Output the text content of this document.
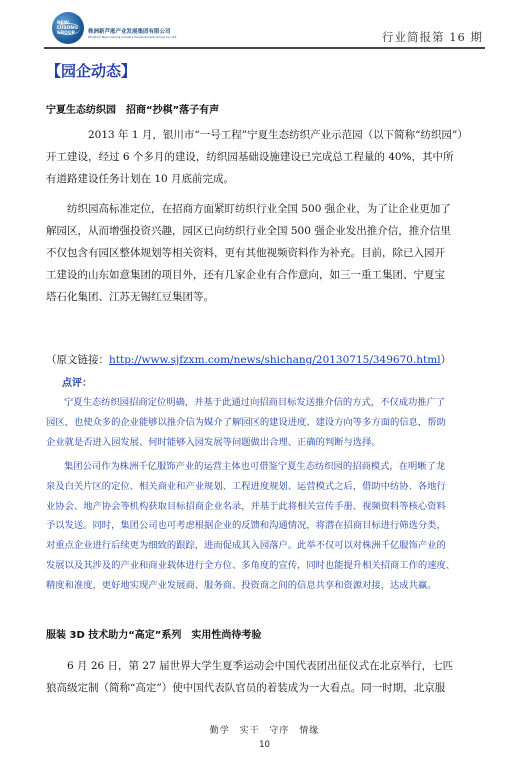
NEW
LUSONG
GROUP	株洲新芦淞产业发展集团有限公司
Zhuzhou New Lusong Industry Development Group Co.,Ltd.	行业简报第 16 期
【园企动态】
宁夏生态纺织园　招商“抄棋”落子有声
2013 年 1 月，银川市“一号工程”宁夏生态纺织产业示范园（以下简称“纺织园”）
开工建设，经过 6 个多月的建设，纺织园基础设施建设已完成总工程量的 40%，其中所
有道路建设任务计划在 10 月底前完成。
纺织园高标准定位，在招商方面紧盯纺织行业全国 500 强企业，为了让企业更加了
解园区，从而增强投资兴趣，园区已向纺织行业全国 500 强企业发出推介信，推介信里
不仅包含有园区整体规划等相关资料，更有其他视频资料作为补充。目前，除已入园开
工建设的山东如意集团的项目外，还有几家企业有合作意向，如三一重工集团、宁夏宝
塔石化集团、江苏无锡红豆集团等。
（原文链接：http://www.sjfzxm.com/news/shichang/20130715/349670.html）
点评：
宁夏生态纺织园招商定位明确，并基于此通过向招商目标发送推介信的方式，不仅成功推广了
园区，也使众多的企业能够以推介信为媒介了解园区的建设进度、建设方向等多方面的信息，帮助
企业就是否进入园发展、何时能够入园发展等问题做出合理、正确的判断与选择。
集团公司作为株洲千亿服饰产业的运营主体也可借鉴宁夏生态纺织园的招商模式，在明晰了龙
泉及白关片区的定位、相关商业和产业规划、工程进度规划、运营模式之后，借助中纺协、各地行
业协会、地产协会等机构获取目标招商企业名录，并基于此将相关宣传手册、视频资料等核心资料
予以发送。同时，集团公司也可考虑根据企业的反馈和沟通情况，将潜在招商目标进行筛选分类，
对重点企业进行后续更为细致的跟踪，进而促成其入园落户。此举不仅可以对株洲千亿服饰产业的
发展以及其涉及的产业和商业载体进行全方位、多角度的宣传，同时也能提升相关招商工作的速度、
精度和准度，更好地实现产业发展商、服务商、投资商之间的信息共享和资源对接，达成共赢。
服装 3D 技术助力“高定”系列　实用性尚待考验
6 月 26 日，第 27 届世界大学生夏季运动会中国代表团出征仪式在北京举行，七匹
狼高级定制（简称“高定”）使中国代表队官员的着装成为一大看点。同一时期，北京服
勤学 实干 守序 情缘
10
